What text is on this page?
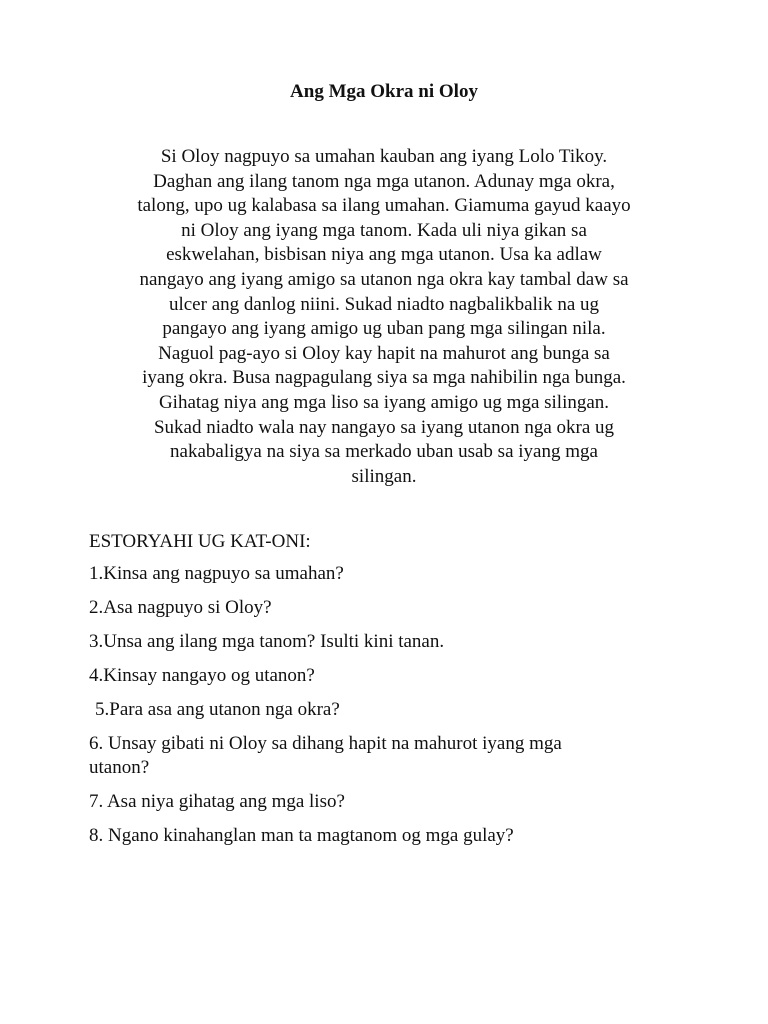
Ang Mga Okra ni Oloy
Si Oloy nagpuyo sa umahan kauban ang iyang Lolo Tikoy.
Daghan ang ilang tanom nga mga utanon. Adunay mga okra,
talong, upo ug kalabasa sa ilang umahan. Giamuma gayud kaayo
ni Oloy ang iyang mga tanom. Kada uli niya gikan sa
eskwelahan, bisbisan niya ang mga utanon. Usa ka adlaw
nangayo ang iyang amigo sa utanon nga okra kay tambal daw sa
ulcer ang danlog niini. Sukad niadto nagbalikbalik na ug
pangayo ang iyang amigo ug uban pang mga silingan nila.
Naguol pag-ayo si Oloy kay hapit na mahurot ang bunga sa
iyang okra. Busa nagpagulang siya sa mga nahibilin nga bunga.
Gihatag niya ang mga liso sa iyang amigo ug mga silingan.
Sukad niadto wala nay nangayo sa iyang utanon nga okra ug
nakabaligya na siya sa merkado uban usab sa iyang mga
silingan.
ESTORYAHI UG KAT-ONI:
1.Kinsa ang nagpuyo sa umahan?
2.Asa nagpuyo si Oloy?
3.Unsa ang ilang mga tanom? Isulti kini tanan.
4.Kinsay nangayo og utanon?
5.Para asa ang utanon nga okra?
6. Unsay gibati ni Oloy sa dihang hapit na mahurot iyang mga
utanon?
7. Asa niya gihatag ang mga liso?
8. Ngano kinahanglan man ta magtanom og mga gulay?
